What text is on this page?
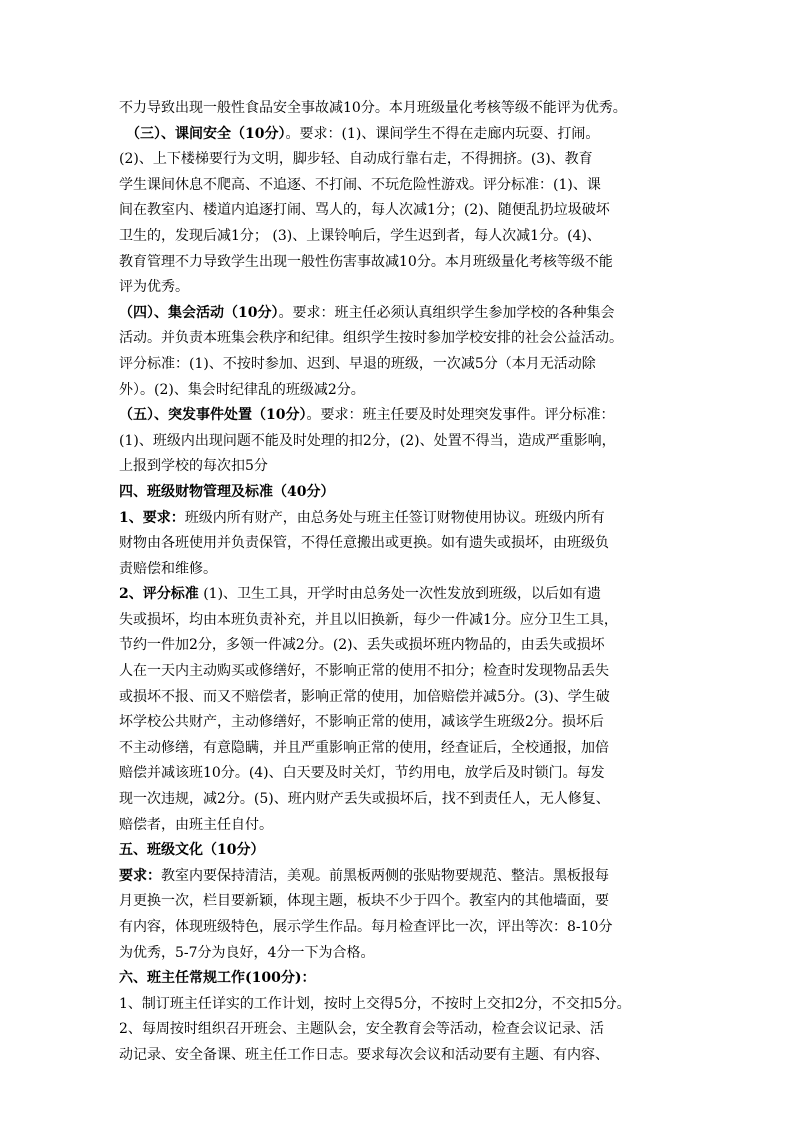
不力导致出现一般性食品安全事故减10分。本月班级量化考核等级不能评为优秀。
（三）、课间安全（10分）。要求：(1)、课间学生不得在走廊内玩耍、打闹。
(2)、上下楼梯要行为文明，脚步轻、自动成行靠右走，不得拥挤。(3)、教育
学生课间休息不爬高、不追逐、不打闹、不玩危险性游戏。评分标准：(1)、课
间在教室内、楼道内追逐打闹、骂人的，每人次减1分；(2)、随便乱扔垃圾破坏
卫生的，发现后减1分； (3)、上课铃响后，学生迟到者，每人次减1分。(4)、
教育管理不力导致学生出现一般性伤害事故减10分。本月班级量化考核等级不能
评为优秀。
（四）、集会活动（10分）。要求：班主任必须认真组织学生参加学校的各种集会
活动。并负责本班集会秩序和纪律。组织学生按时参加学校安排的社会公益活动。
评分标准：(1)、不按时参加、迟到、早退的班级，一次减5分（本月无活动除
外）。(2)、集会时纪律乱的班级减2分。
（五）、突发事件处置（10分）。要求：班主任要及时处理突发事件。评分标准：
(1)、班级内出现问题不能及时处理的扣2分，(2)、处置不得当，造成严重影响，
上报到学校的每次扣5分
四、班级财物管理及标准（40分）
1、要求：班级内所有财产，由总务处与班主任签订财物使用协议。班级内所有
财物由各班使用并负责保管，不得任意搬出或更换。如有遗失或损坏，由班级负
责赔偿和维修。
2、评分标准 (1)、卫生工具，开学时由总务处一次性发放到班级，以后如有遗
失或损坏，均由本班负责补充，并且以旧换新，每少一件减1分。应分卫生工具，
节约一件加2分，多领一件减2分。(2)、丢失或损坏班内物品的，由丢失或损坏
人在一天内主动购买或修缮好，不影响正常的使用不扣分；检查时发现物品丢失
或损坏不报、而又不赔偿者，影响正常的使用，加倍赔偿并减5分。(3)、学生破
坏学校公共财产，主动修缮好，不影响正常的使用，减该学生班级2分。损坏后
不主动修缮，有意隐瞒，并且严重影响正常的使用，经查证后，全校通报，加倍
赔偿并减该班10分。(4)、白天要及时关灯，节约用电，放学后及时锁门。每发
现一次违规，减2分。(5)、班内财产丢失或损坏后，找不到责任人，无人修复、
赔偿者，由班主任自付。
五、班级文化（10分）
要求：教室内要保持清洁，美观。前黑板两侧的张贴物要规范、整洁。黑板报每
月更换一次，栏目要新颖，体现主题，板块不少于四个。教室内的其他墙面，要
有内容，体现班级特色，展示学生作品。每月检查评比一次，评出等次：8-10分
为优秀，5-7分为良好，4分一下为合格。
六、班主任常规工作(100分)：
1、制订班主任详实的工作计划，按时上交得5分，不按时上交扣2分，不交扣5分。
2、每周按时组织召开班会、主题队会，安全教育会等活动，检查会议记录、活
动记录、安全备课、班主任工作日志。要求每次会议和活动要有主题、有内容、
